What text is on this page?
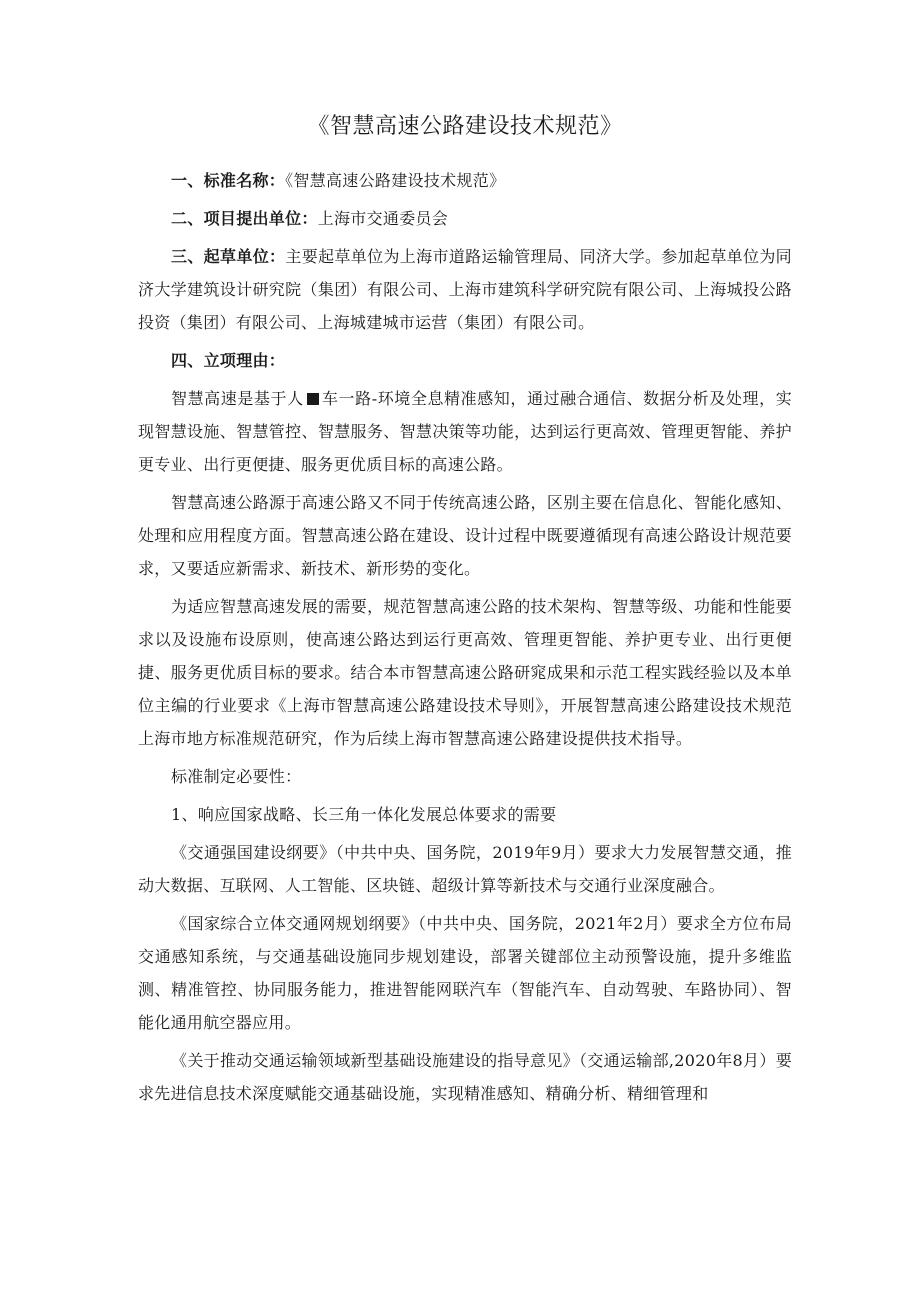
《智慧高速公路建设技术规范》

一、标准名称：《智慧高速公路建设技术规范》

二、项目提出单位：上海市交通委员会

三、起草单位：主要起草单位为上海市道路运输管理局、同济大学。参加起草单位为同济大学建筑设计研究院（集团）有限公司、上海市建筑科学研究院有限公司、上海城投公路投资（集团）有限公司、上海城建城市运营（集团）有限公司。

四、立项理由：

智慧高速是基于人 车一路-环境全息精准感知，通过融合通信、数据分析及处理，实现智慧设施、智慧管控、智慧服务、智慧决策等功能，达到运行更高效、管理更智能、养护更专业、出行更便捷、服务更优质目标的高速公路。

智慧高速公路源于高速公路又不同于传统高速公路，区别主要在信息化、智能化感知、处理和应用程度方面。智慧高速公路在建设、设计过程中既要遵循现有高速公路设计规范要求，又要适应新需求、新技术、新形势的变化。

为适应智慧高速发展的需要，规范智慧高速公路的技术架构、智慧等级、功能和性能要求以及设施布设原则，使高速公路达到运行更高效、管理更智能、养护更专业、出行更便捷、服务更优质目标的要求。结合本市智慧高速公路研窕成果和示范工程实践经验以及本单位主编的行业要求《上海市智慧高速公路建设技术导则》，开展智慧高速公路建设技术规范上海市地方标准规范研究，作为后续上海市智慧高速公路建设提供技术指导。

标准制定必要性：

1、响应国家战略、长三角一体化发展总体要求的需要

《交通强国建设纲要》（中共中央、国务院，2019年9月）要求大力发展智慧交通，推动大数据、互联网、人工智能、区块链、超级计算等新技术与交通行业深度融合。

《国家综合立体交通网规划纲要》（中共中央、国务院，2021年2月）要求全方位布局交通感知系统，与交通基础设施同步规划建设，部署关键部位主动预警设施，提升多维监测、精准管控、协同服务能力，推进智能网联汽车（智能汽车、自动驾驶、车路协同）、智能化通用航空器应用。

《关于推动交通运输领域新型基础设施建设的指导意见》（交通运输部,2020年8月）要求先进信息技术深度赋能交通基础设施，实现精准感知、精确分析、精细管理和
